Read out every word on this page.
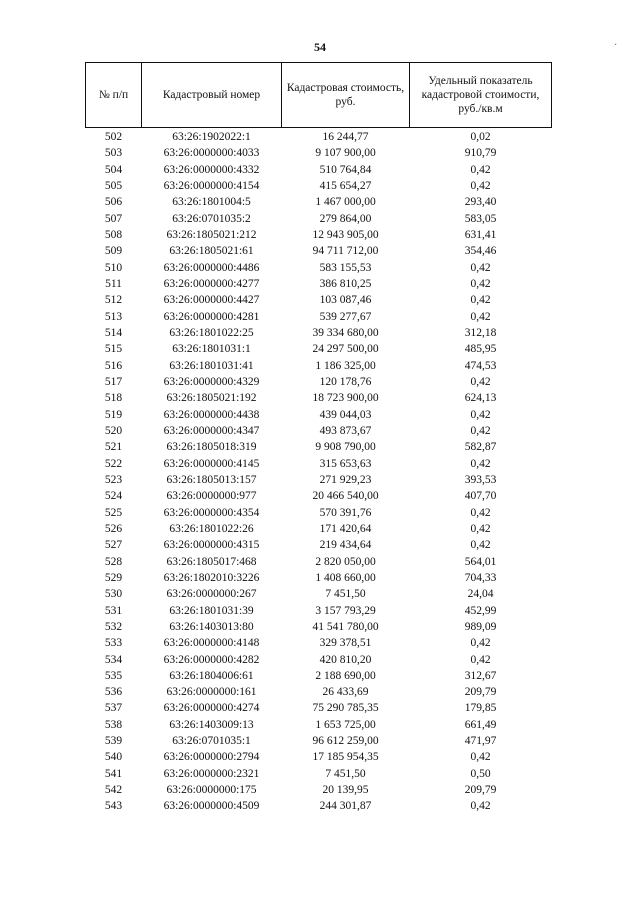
54	·
№ п/п	Кадастровый номер	Кадастровая стоимость, руб.	Удельный показатель кадастровой стоимости, руб./кв.м
502	63:26:1902022:1	16 244,77	0,02
503	63:26:0000000:4033	9 107 900,00	910,79
504	63:26:0000000:4332	510 764,84	0,42
505	63:26:0000000:4154	415 654,27	0,42
506	63:26:1801004:5	1 467 000,00	293,40
507	63:26:0701035:2	279 864,00	583,05
508	63:26:1805021:212	12 943 905,00	631,41
509	63:26:1805021:61	94 711 712,00	354,46
510	63:26:0000000:4486	583 155,53	0,42
511	63:26:0000000:4277	386 810,25	0,42
512	63:26:0000000:4427	103 087,46	0,42
513	63:26:0000000:4281	539 277,67	0,42
514	63:26:1801022:25	39 334 680,00	312,18
515	63:26:1801031:1	24 297 500,00	485,95
516	63:26:1801031:41	1 186 325,00	474,53
517	63:26:0000000:4329	120 178,76	0,42
518	63:26:1805021:192	18 723 900,00	624,13
519	63:26:0000000:4438	439 044,03	0,42
520	63:26:0000000:4347	493 873,67	0,42
521	63:26:1805018:319	9 908 790,00	582,87
522	63:26:0000000:4145	315 653,63	0,42
523	63:26:1805013:157	271 929,23	393,53
524	63:26:0000000:977	20 466 540,00	407,70
525	63:26:0000000:4354	570 391,76	0,42
526	63:26:1801022:26	171 420,64	0,42
527	63:26:0000000:4315	219 434,64	0,42
528	63:26:1805017:468	2 820 050,00	564,01
529	63:26:1802010:3226	1 408 660,00	704,33
530	63:26:0000000:267	7 451,50	24,04
531	63:26:1801031:39	3 157 793,29	452,99
532	63:26:1403013:80	41 541 780,00	989,09
533	63:26:0000000:4148	329 378,51	0,42
534	63:26:0000000:4282	420 810,20	0,42
535	63:26:1804006:61	2 188 690,00	312,67
536	63:26:0000000:161	26 433,69	209,79
537	63:26:0000000:4274	75 290 785,35	179,85
538	63:26:1403009:13	1 653 725,00	661,49
539	63:26:0701035:1	96 612 259,00	471,97
540	63:26:0000000:2794	17 185 954,35	0,42
541	63:26:0000000:2321	7 451,50	0,50
542	63:26:0000000:175	20 139,95	209,79
543	63:26:0000000:4509	244 301,87	0,42
